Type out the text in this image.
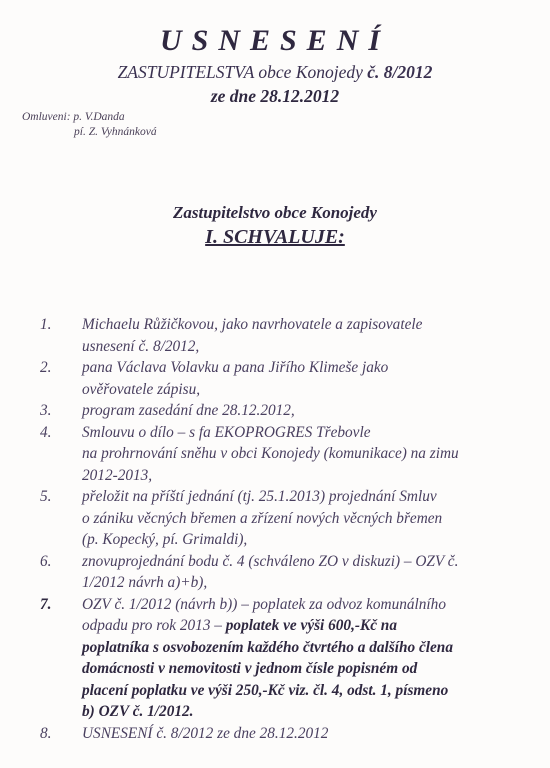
USNESENÍ
ZASTUPITELSTVA obce Konojedy č. 8/2012
ze dne 28.12.2012
Omluveni: p. V.Danda
pí. Z. Vyhnánková
Zastupitelstvo obce Konojedy
I. SCHVALUJE:
1.	Michaelu Růžičkovou, jako navrhovatele a zapisovatele
usnesení č. 8/2012,
2.	pana Václava Volavku a pana Jiřího Klimeše jako
ověřovatele zápisu,
3.	program zasedání dne 28.12.2012,
4.	Smlouvu o dílo – s fa EKOPROGRES Třebovle
na prohrnování sněhu v obci Konojedy (komunikace) na zimu
2012-2013,
5.	přeložit na příští jednání (tj. 25.1.2013) projednání Smluv
o zániku věcných břemen a zřízení nových věcných břemen
(p. Kopecký, pí. Grimaldi),
6.	znovuprojednání bodu č. 4 (schváleno ZO v diskuzi) – OZV č.
1/2012 návrh a)+b),
7.	OZV č. 1/2012 (návrh b)) – poplatek za odvoz komunálního
odpadu pro rok 2013 – poplatek ve výši 600,-Kč na
poplatníka s osvobozením každého čtvrtého a dalšího člena
domácnosti v nemovitosti v jednom čísle popisném od
placení poplatku ve výši 250,-Kč viz. čl. 4, odst. 1, písmeno
b) OZV č. 1/2012.
8.	USNESENÍ č. 8/2012 ze dne 28.12.2012
